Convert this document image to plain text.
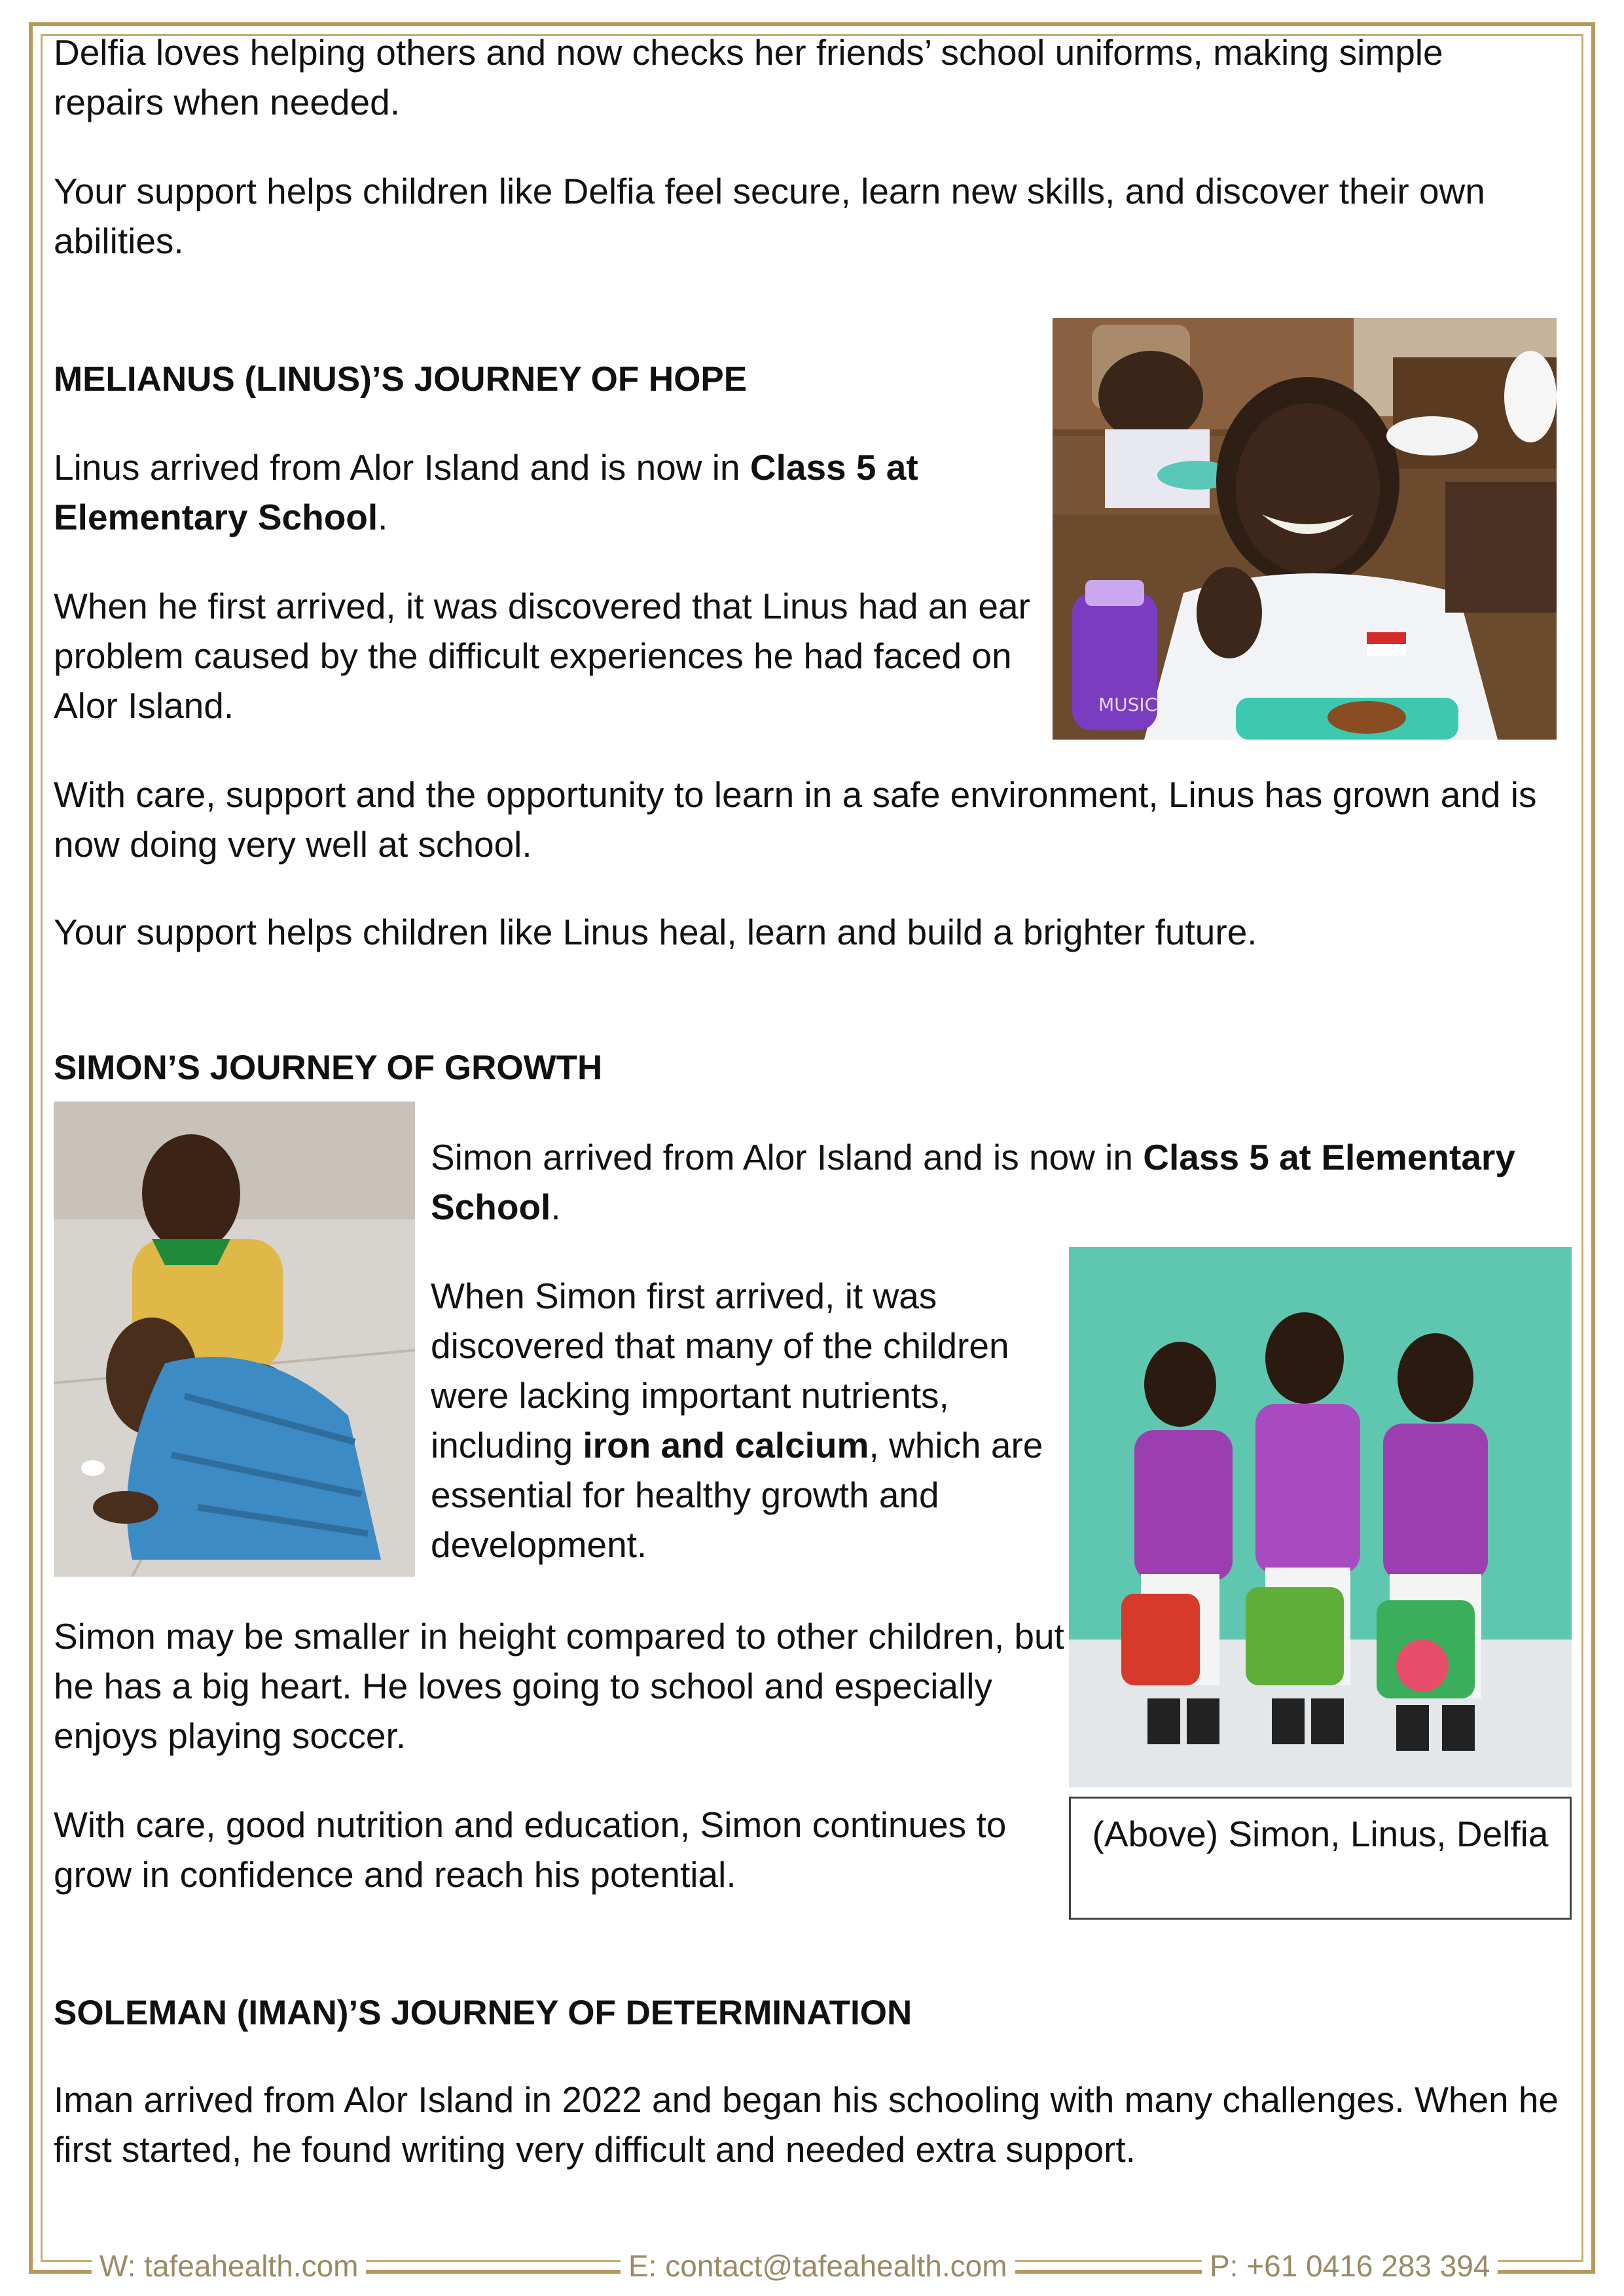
Delfia loves helping others and now checks her friends’ school uniforms, making simple repairs when needed.

Your support helps children like Delfia feel secure, learn new skills, and discover their own abilities.

MELIANUS (LINUS)’S JOURNEY OF HOPE

Linus arrived from Alor Island and is now in Class 5 at Elementary School.

When he first arrived, it was discovered that Linus had an ear problem caused by the difficult experiences he had faced on Alor Island.

With care, support and the opportunity to learn in a safe environment, Linus has grown and is now doing very well at school.

Your support helps children like Linus heal, learn and build a brighter future.

MUSIC
SIMON’S JOURNEY OF GROWTH

Simon arrived from Alor Island and is now in Class 5 at Elementary School.

When Simon first arrived, it was discovered that many of the children were lacking important nutrients, including iron and calcium, which are essential for healthy growth and development.

Simon may be smaller in height compared to other children, but he has a big heart. He loves going to school and especially enjoys playing soccer.

With care, good nutrition and education, Simon continues to grow in confidence and reach his potential.

(Above) Simon, Linus, Delfia
SOLEMAN (IMAN)’S JOURNEY OF DETERMINATION

Iman arrived from Alor Island in 2022 and began his schooling with many challenges. When he first started, he found writing very difficult and needed extra support.

W: tafeahealth.com	E: contact@tafeahealth.com	P: +61 0416 283 394
